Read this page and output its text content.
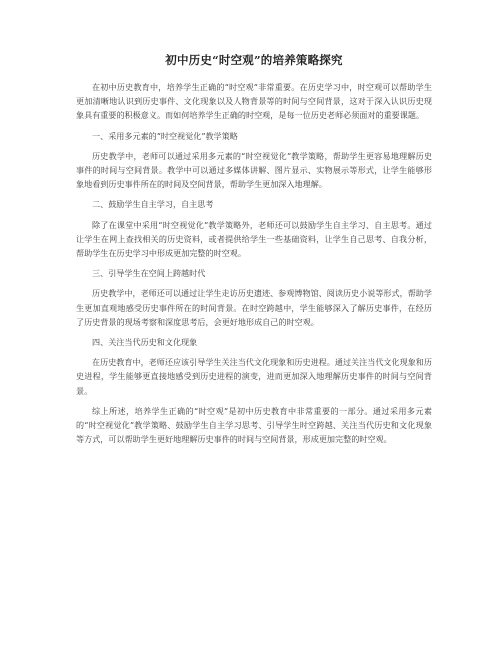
初中历史“时空观”的培养策略探究

在初中历史教育中，培养学生正确的“时空观”非常重要。在历史学习中，时空观可以帮助学生更加清晰地认识到历史事件、文化现象以及人物背景等的时间与空间背景，这对于深入认识历史现象具有重要的积极意义。而如何培养学生正确的时空观，是每一位历史老师必须面对的重要课题。

一、采用多元素的“时空视觉化”教学策略

历史教学中，老师可以通过采用多元素的“时空视觉化”教学策略，帮助学生更容易地理解历史事件的时间与空间背景。教学中可以通过多媒体讲解、图片显示、实物展示等形式，让学生能够形象地看到历史事件所在的时间及空间背景，帮助学生更加深入地理解。

二、鼓励学生自主学习，自主思考

除了在课堂中采用“时空视觉化”教学策略外，老师还可以鼓励学生自主学习、自主思考。通过让学生在网上查找相关的历史资料，或者提供给学生一些基础资料，让学生自己思考、自我分析，帮助学生在历史学习中形成更加完整的时空观。

三、引导学生在空间上跨越时代

历史教学中，老师还可以通过让学生走访历史遗迹、参观博物馆、阅读历史小说等形式，帮助学生更加直观地感受历史事件所在的时间背景。在时空跨越中，学生能够深入了解历史事件，在经历了历史背景的现场考察和深度思考后，会更好地形成自己的时空观。

四、关注当代历史和文化现象

在历史教育中，老师还应该引导学生关注当代文化现象和历史进程。通过关注当代文化现象和历史进程，学生能够更直接地感受到历史进程的演变，进而更加深入地理解历史事件的时间与空间背景。

综上所述，培养学生正确的“时空观”是初中历史教育中非常重要的一部分。通过采用多元素的“时空视觉化”教学策略、鼓励学生自主学习思考、引导学生时空跨越、关注当代历史和文化现象等方式，可以帮助学生更好地理解历史事件的时间与空间背景，形成更加完整的时空观。
